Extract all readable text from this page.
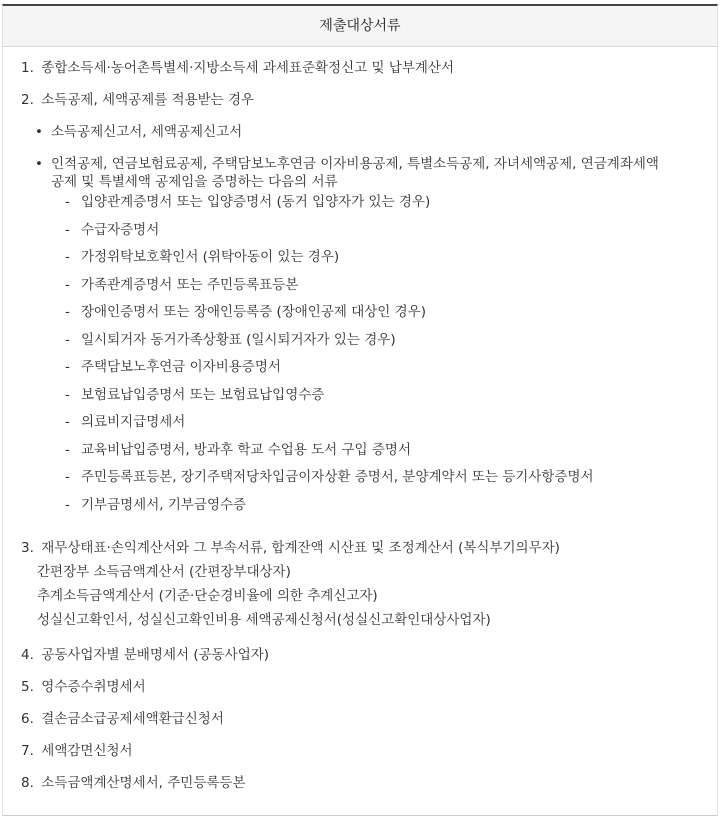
제출대상서류
1. 종합소득세·농어촌특별세·지방소득세 과세표준확정신고 및 납부계산서
2. 소득공제, 세액공제를 적용받는 경우
• 소득공제신고서, 세액공제신고서
• 인적공제, 연금보험료공제, 주택담보노후연금 이자비용공제, 특별소득공제, 자녀세액공제, 연금계좌세액
공제 및 특별세액 공제임을 증명하는 다음의 서류
- 입양관계증명서 또는 입양증명서 (동거 입양자가 있는 경우)
- 수급자증명서
- 가정위탁보호확인서 (위탁아동이 있는 경우)
- 가족관계증명서 또는 주민등록표등본
- 장애인증명서 또는 장애인등록증 (장애인공제 대상인 경우)
- 일시퇴거자 동거가족상황표 (일시퇴거자가 있는 경우)
- 주택담보노후연금 이자비용증명서
- 보험료납입증명서 또는 보험료납입영수증
- 의료비지급명세서
- 교육비납입증명서, 방과후 학교 수업용 도서 구입 증명서
- 주민등록표등본, 장기주택저당차입금이자상환 증명서, 분양계약서 또는 등기사항증명서
- 기부금명세서, 기부금영수증
3. 재무상태표·손익계산서와 그 부속서류, 합계잔액 시산표 및 조정계산서 (복식부기의무자)
간편장부 소득금액계산서 (간편장부대상자)
추계소득금액계산서 (기준·단순경비율에 의한 추계신고자)
성실신고확인서, 성실신고확인비용 세액공제신청서(성실신고확인대상사업자)
4. 공동사업자별 분배명세서 (공동사업자)
5. 영수증수취명세서
6. 결손금소급공제세액환급신청서
7. 세액감면신청서
8. 소득금액계산명세서, 주민등록등본
